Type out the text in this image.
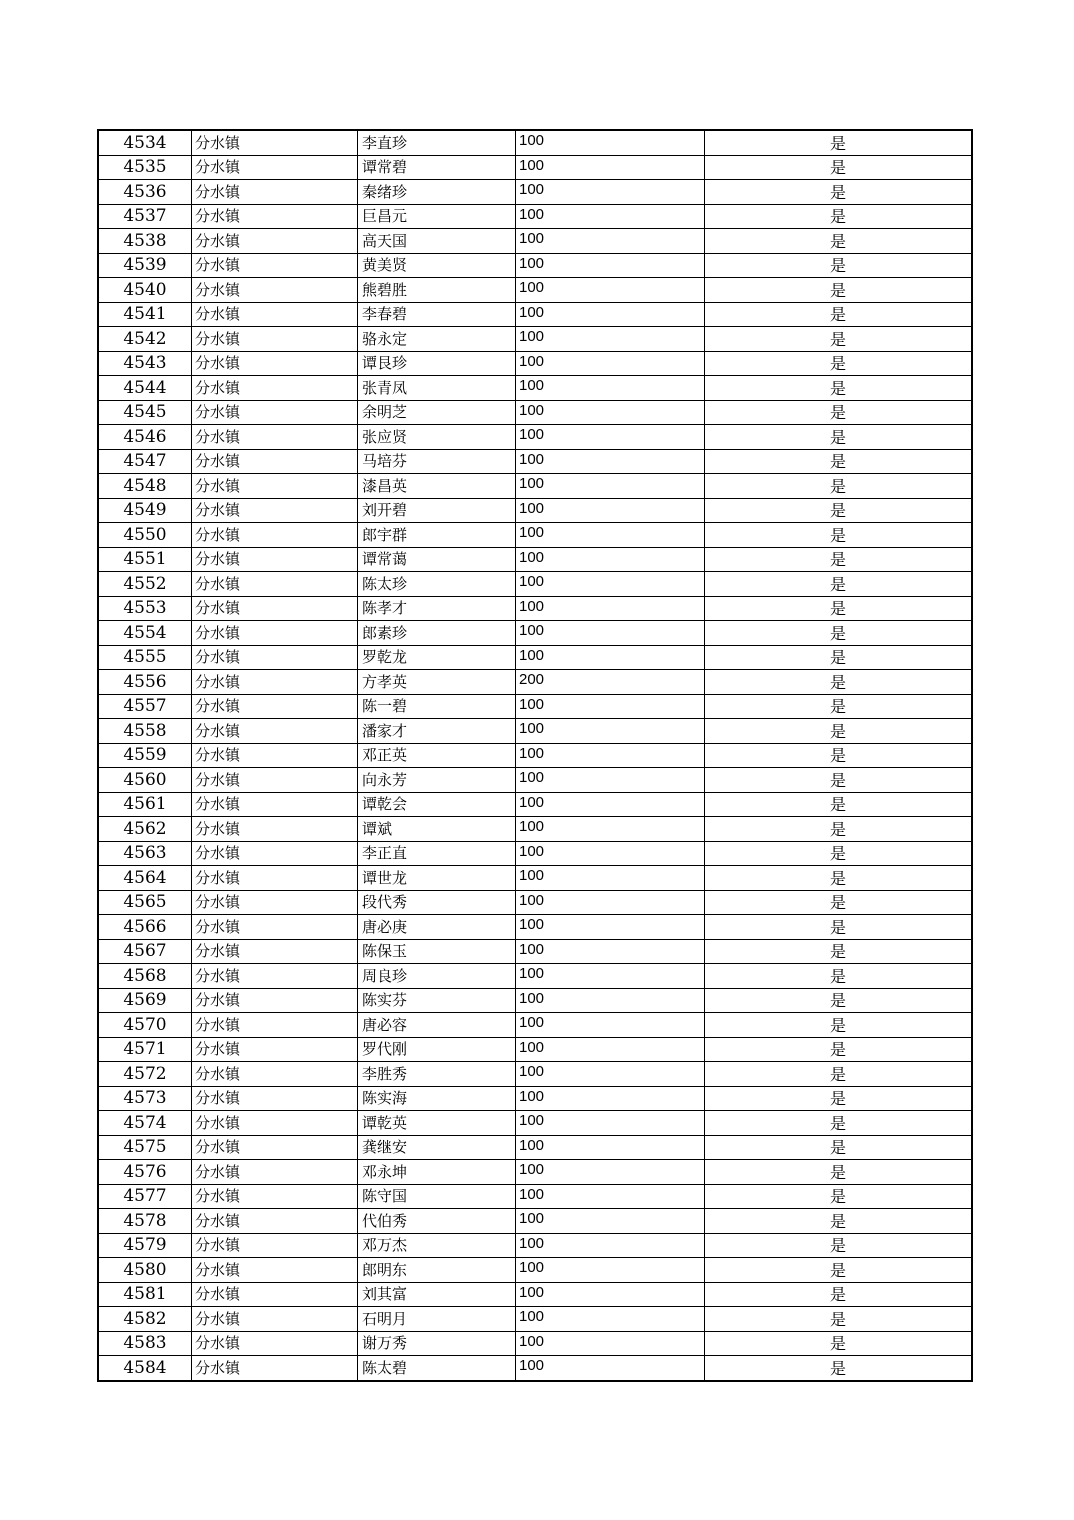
4534	分水镇	李直珍	100	是
4535	分水镇	谭常碧	100	是
4536	分水镇	秦绪珍	100	是
4537	分水镇	巨昌元	100	是
4538	分水镇	高天国	100	是
4539	分水镇	黄美贤	100	是
4540	分水镇	熊碧胜	100	是
4541	分水镇	李春碧	100	是
4542	分水镇	骆永定	100	是
4543	分水镇	谭艮珍	100	是
4544	分水镇	张青凤	100	是
4545	分水镇	余明芝	100	是
4546	分水镇	张应贤	100	是
4547	分水镇	马培芬	100	是
4548	分水镇	漆昌英	100	是
4549	分水镇	刘开碧	100	是
4550	分水镇	郎宇群	100	是
4551	分水镇	谭常蔼	100	是
4552	分水镇	陈太珍	100	是
4553	分水镇	陈孝才	100	是
4554	分水镇	郎素珍	100	是
4555	分水镇	罗乾龙	100	是
4556	分水镇	方孝英	200	是
4557	分水镇	陈一碧	100	是
4558	分水镇	潘家才	100	是
4559	分水镇	邓正英	100	是
4560	分水镇	向永芳	100	是
4561	分水镇	谭乾会	100	是
4562	分水镇	谭斌	100	是
4563	分水镇	李正直	100	是
4564	分水镇	谭世龙	100	是
4565	分水镇	段代秀	100	是
4566	分水镇	唐必庚	100	是
4567	分水镇	陈保玉	100	是
4568	分水镇	周良珍	100	是
4569	分水镇	陈实芬	100	是
4570	分水镇	唐必容	100	是
4571	分水镇	罗代刚	100	是
4572	分水镇	李胜秀	100	是
4573	分水镇	陈实海	100	是
4574	分水镇	谭乾英	100	是
4575	分水镇	龚继安	100	是
4576	分水镇	邓永坤	100	是
4577	分水镇	陈守国	100	是
4578	分水镇	代伯秀	100	是
4579	分水镇	邓万杰	100	是
4580	分水镇	郎明东	100	是
4581	分水镇	刘其富	100	是
4582	分水镇	石明月	100	是
4583	分水镇	谢万秀	100	是
4584	分水镇	陈太碧	100	是
